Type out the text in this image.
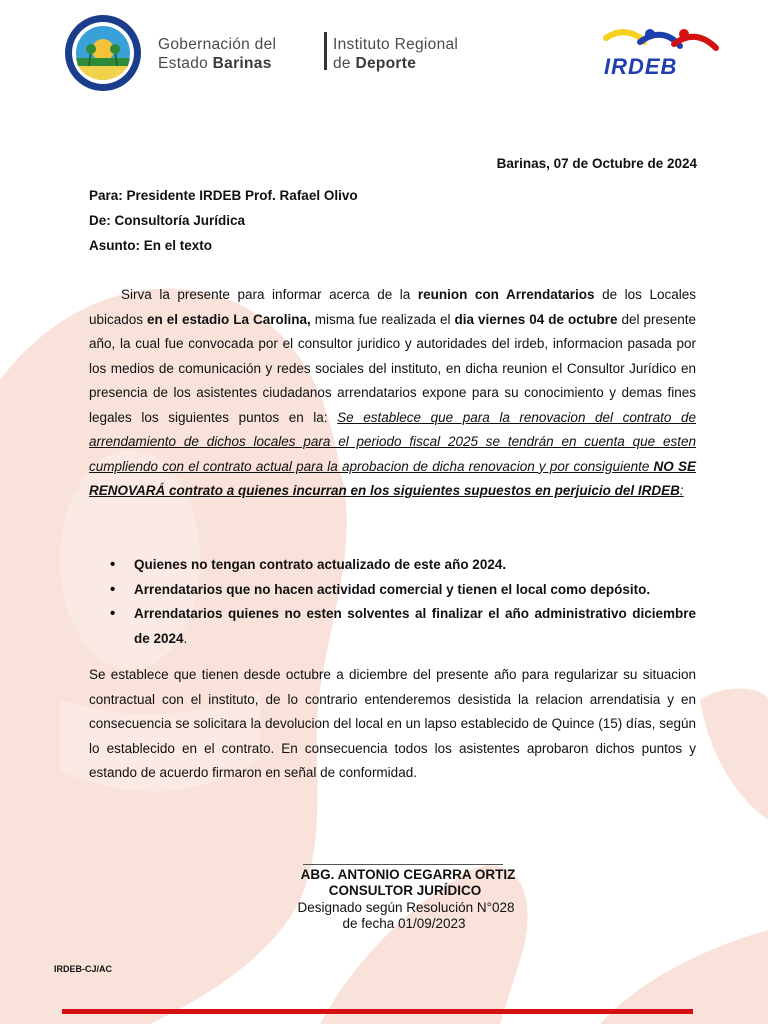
Gobernación del
Estado Barinas
Instituto Regional
de Deporte	IRDEB
Barinas, 07 de Octubre de 2024
Para: Presidente IRDEB Prof. Rafael Olivo
De: Consultoría Jurídica
Asunto: En el texto
Sirva la presente para informar acerca de la reunion con Arrendatarios de los Locales ubicados en el estadio La Carolina, misma fue realizada el dia viernes 04 de octubre del presente año, la cual fue convocada por el consultor juridico y autoridades del irdeb, informacion pasada por los medios de comunicación y redes sociales del instituto, en dicha reunion el Consultor Jurídico en presencia de los asistentes ciudadanos arrendatarios expone para su conocimiento y demas fines legales los siguientes puntos en la: Se establece que para la renovacion del contrato de arrendamiento de dichos locales para el periodo fiscal 2025 se tendrán en cuenta que esten cumpliendo con el contrato actual para la aprobacion de dicha renovacion y por consiguiente NO SE RENOVARÁ contrato a quienes incurran en los siguientes supuestos en perjuicio del IRDEB:
• Quienes no tengan contrato actualizado de este año 2024.
• Arrendatarios que no hacen actividad comercial y tienen el local como depósito.
• Arrendatarios quienes no esten solventes al finalizar el año administrativo diciembre de 2024.
Se establece que tienen desde octubre a diciembre del presente año para regularizar su situacion contractual con el instituto, de lo contrario entenderemos desistida la relacion arrendatisia y en consecuencia se solicitara la devolucion del local en un lapso establecido de Quince (15) días, según lo establecido en el contrato. En consecuencia todos los asistentes aprobaron dichos puntos y estando de acuerdo firmaron en señal de conformidad.
ABG. ANTONIO CEGARRA ORTIZ
CONSULTOR JURÍDICO
Designado según Resolución N°028
de fecha 01/09/2023
IRDEB-CJ/AC
